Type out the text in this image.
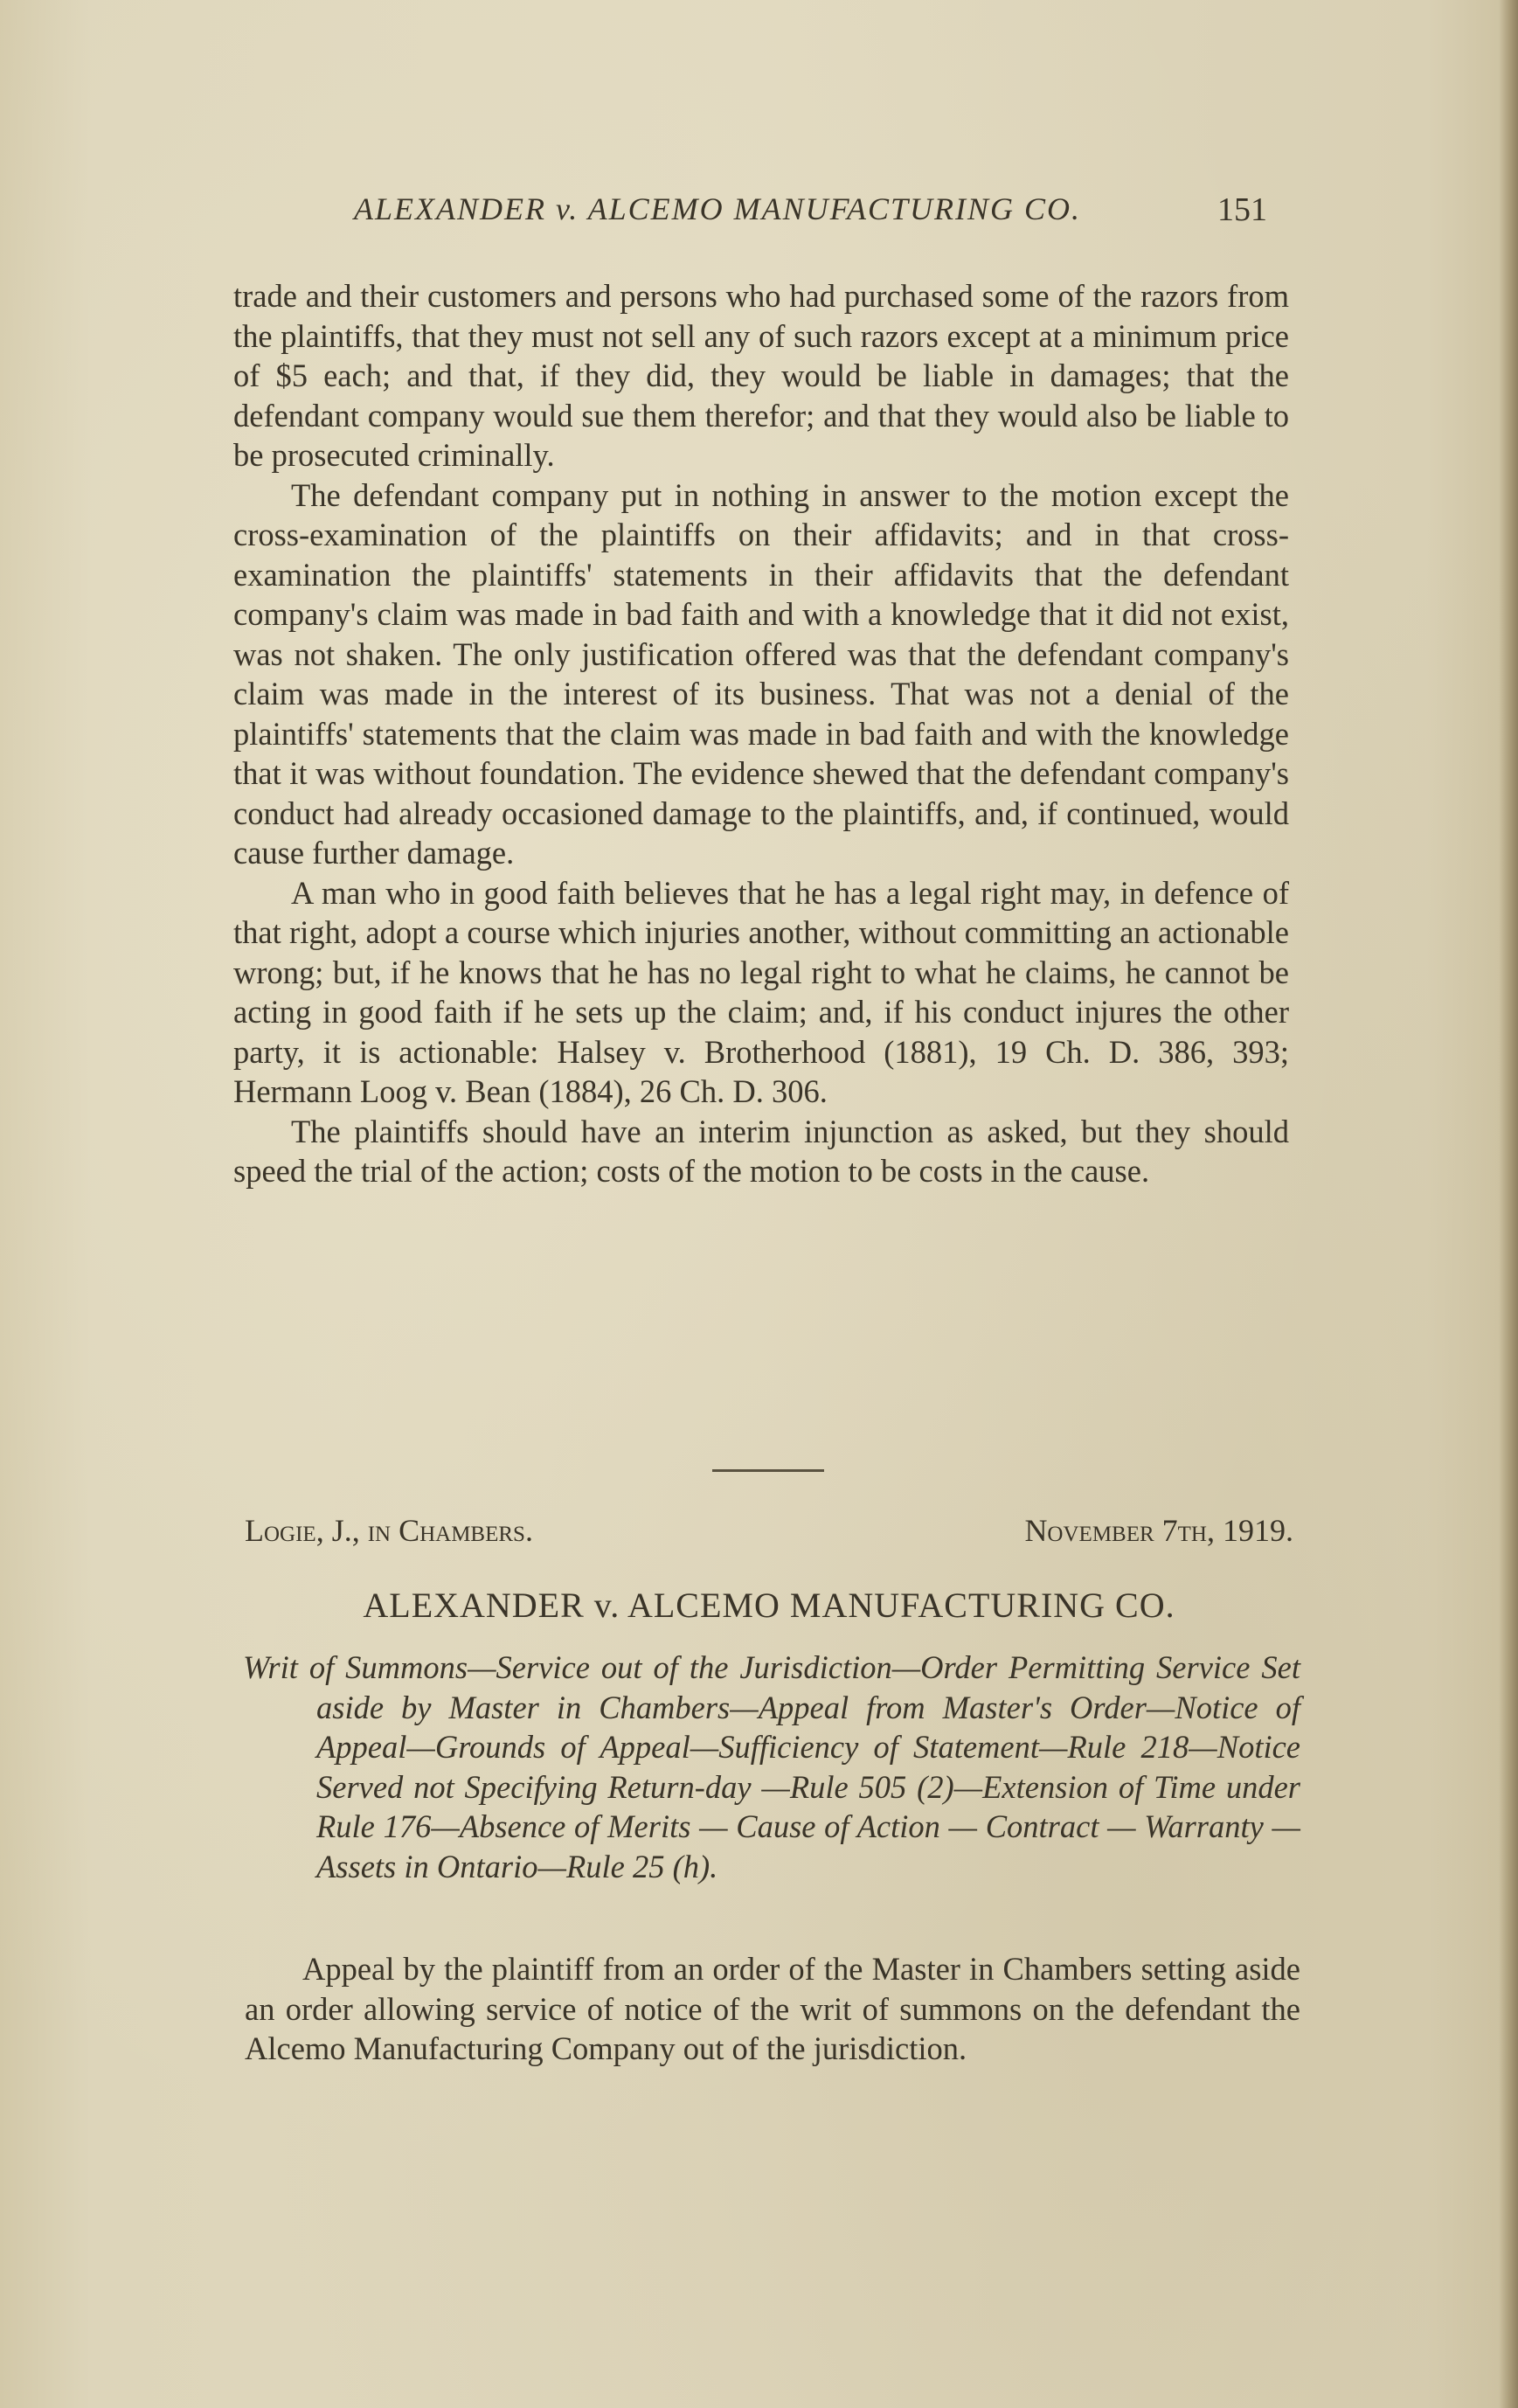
ALEXANDER v. ALCEMO MANUFACTURING CO.	151

trade and their customers and persons who had purchased some of the razors from the plaintiffs, that they must not sell any of such razors except at a minimum price of $5 each; and that, if they did, they would be liable in damages; that the defendant company would sue them therefor; and that they would also be liable to be prosecuted criminally.

The defendant company put in nothing in answer to the motion except the cross-examination of the plaintiffs on their affidavits; and in that cross-examination the plaintiffs' statements in their affidavits that the defendant company's claim was made in bad faith and with a knowledge that it did not exist, was not shaken. The only justification offered was that the defendant company's claim was made in the interest of its business. That was not a denial of the plaintiffs' statements that the claim was made in bad faith and with the knowledge that it was without foundation. The evidence shewed that the defendant company's conduct had already occasioned damage to the plaintiffs, and, if continued, would cause further damage.

A man who in good faith believes that he has a legal right may, in defence of that right, adopt a course which injuries another, without committing an actionable wrong; but, if he knows that he has no legal right to what he claims, he cannot be acting in good faith if he sets up the claim; and, if his conduct injures the other party, it is actionable: Halsey v. Brotherhood (1881), 19 Ch. D. 386, 393; Hermann Loog v. Bean (1884), 26 Ch. D. 306.

The plaintiffs should have an interim injunction as asked, but they should speed the trial of the action; costs of the motion to be costs in the cause.

Logie, J., in Chambers.	November 7th, 1919.
ALEXANDER v. ALCEMO MANUFACTURING CO.
Writ of Summons—Service out of the Jurisdiction—Order Permitting Service Set aside by Master in Chambers—Appeal from Master's Order—Notice of Appeal—Grounds of Appeal—Sufficiency of Statement—Rule 218—Notice Served not Specifying Return-day —Rule 505 (2)—Extension of Time under Rule 176—Absence of Merits — Cause of Action — Contract — Warranty — Assets in Ontario—Rule 25 (h).

Appeal by the plaintiff from an order of the Master in Chambers setting aside an order allowing service of notice of the writ of summons on the defendant the Alcemo Manufacturing Company out of the jurisdiction.
